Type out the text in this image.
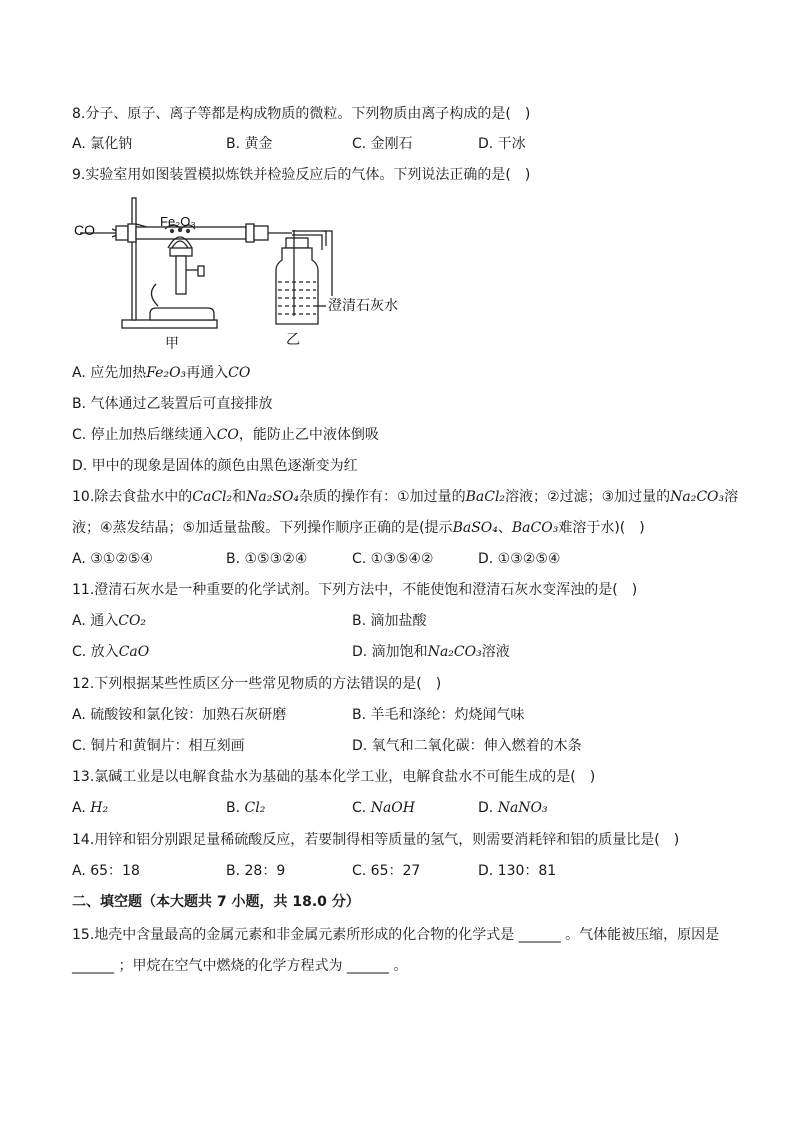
8.分子、原子、离子等都是构成物质的微粒。下列物质由离子构成的是(　)
A. 氯化钠	B. 黄金	C. 金刚石	D. 干冰
9.实验室用如图装置模拟炼铁并检验反应后的气体。下列说法正确的是(　)
CO
Fe₂O₃
澄清石灰水
甲	乙
A. 应先加热Fe₂O₃再通入CO
B. 气体通过乙装置后可直接排放
C. 停止加热后继续通入CO，能防止乙中液体倒吸
D. 甲中的现象是固体的颜色由黑色逐渐变为红
10.除去食盐水中的CaCl₂和Na₂SO₄杂质的操作有：①加过量的BaCl₂溶液；②过滤；③加过量的Na₂CO₃溶
液；④蒸发结晶；⑤加适量盐酸。下列操作顺序正确的是(提示BaSO₄、BaCO₃难溶于水)(　)
A. ③①②⑤④	B. ①⑤③②④	C. ①③⑤④②	D. ①③②⑤④
11.澄清石灰水是一种重要的化学试剂。下列方法中，不能使饱和澄清石灰水变浑浊的是(　)
A. 通入CO₂	B. 滴加盐酸
C. 放入CaO	D. 滴加饱和Na₂CO₃溶液
12.下列根据某些性质区分一些常见物质的方法错误的是(　)
A. 硫酸铵和氯化铵：加熟石灰研磨	B. 羊毛和涤纶：灼烧闻气味
C. 铜片和黄铜片：相互刻画	D. 氧气和二氧化碳：伸入燃着的木条
13.氯碱工业是以电解食盐水为基础的基本化学工业，电解食盐水不可能生成的是(　)
A. H₂	B. Cl₂	C. NaOH	D. NaNO₃
14.用锌和铝分别跟足量稀硫酸反应，若要制得相等质量的氢气，则需要消耗锌和铝的质量比是(　)
A. 65：18	B. 28：9	C. 65：27	D. 130：81
二、填空题（本大题共 7 小题，共 18.0 分）
15.地壳中含量最高的金属元素和非金属元素所形成的化合物的化学式是 ______ 。气体能被压缩，原因是
______ ；甲烷在空气中燃烧的化学方程式为 ______ 。
